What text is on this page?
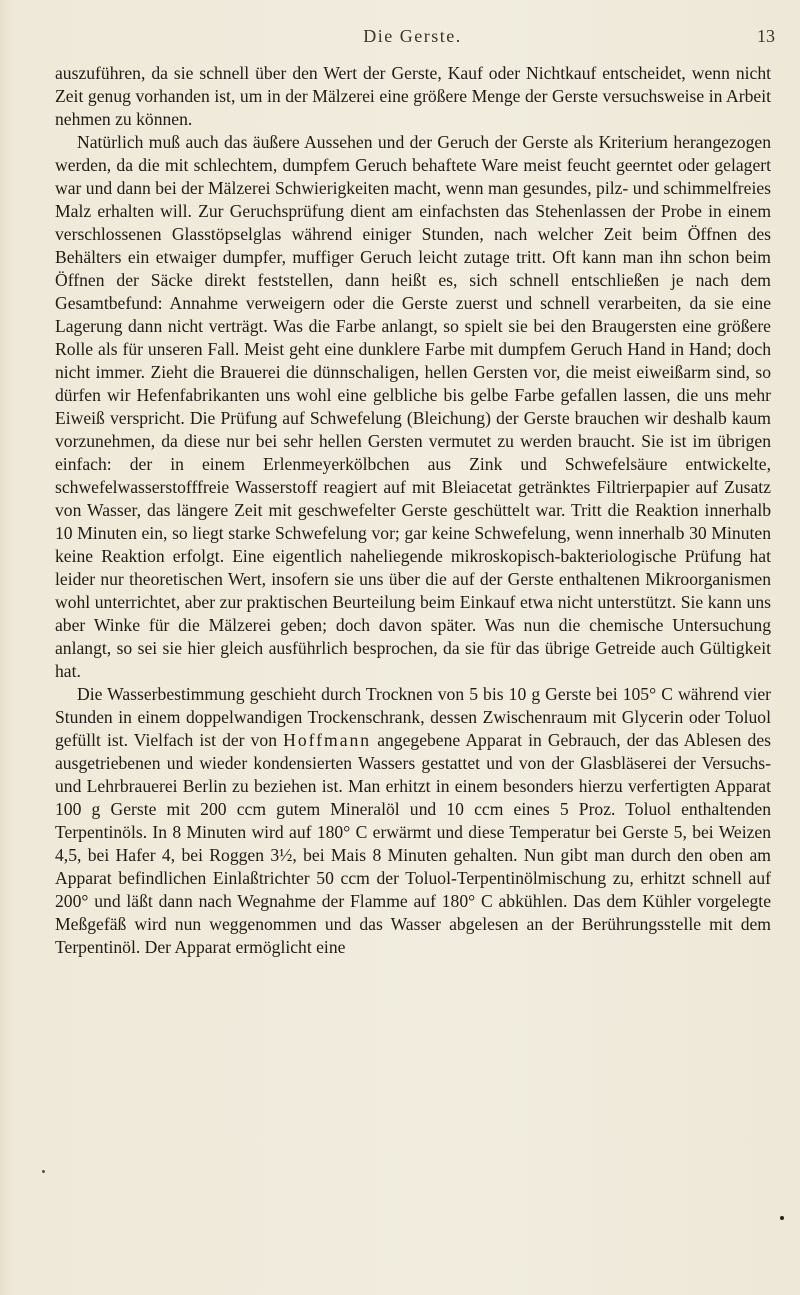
Die Gerste.	13

auszuführen, da sie schnell über den Wert der Gerste, Kauf oder Nichtkauf entscheidet, wenn nicht Zeit genug vorhanden ist, um in der Mälzerei eine größere Menge der Gerste versuchsweise in Arbeit nehmen zu können.

Natürlich muß auch das äußere Aussehen und der Geruch der Gerste als Kriterium herangezogen werden, da die mit schlechtem, dumpfem Geruch behaftete Ware meist feucht geerntet oder gelagert war und dann bei der Mälzerei Schwierigkeiten macht, wenn man gesundes, pilz- und schimmelfreies Malz erhalten will. Zur Geruchsprüfung dient am einfachsten das Stehenlassen der Probe in einem verschlossenen Glasstöpselglas während einiger Stunden, nach welcher Zeit beim Öffnen des Behälters ein etwaiger dumpfer, muffiger Geruch leicht zutage tritt. Oft kann man ihn schon beim Öffnen der Säcke direkt feststellen, dann heißt es, sich schnell entschließen je nach dem Gesamtbefund: Annahme verweigern oder die Gerste zuerst und schnell verarbeiten, da sie eine Lagerung dann nicht verträgt. Was die Farbe anlangt, so spielt sie bei den Braugersten eine größere Rolle als für unseren Fall. Meist geht eine dunklere Farbe mit dumpfem Geruch Hand in Hand; doch nicht immer. Zieht die Brauerei die dünnschaligen, hellen Gersten vor, die meist eiweißarm sind, so dürfen wir Hefenfabrikanten uns wohl eine gelbliche bis gelbe Farbe gefallen lassen, die uns mehr Eiweiß verspricht. Die Prüfung auf Schwefelung (Bleichung) der Gerste brauchen wir deshalb kaum vorzunehmen, da diese nur bei sehr hellen Gersten vermutet zu werden braucht. Sie ist im übrigen einfach: der in einem Erlenmeyerkölbchen aus Zink und Schwefelsäure entwickelte, schwefelwasserstofffreie Wasserstoff reagiert auf mit Bleiacetat getränktes Filtrierpapier auf Zusatz von Wasser, das längere Zeit mit geschwefelter Gerste geschüttelt war. Tritt die Reaktion innerhalb 10 Minuten ein, so liegt starke Schwefelung vor; gar keine Schwefelung, wenn innerhalb 30 Minuten keine Reaktion erfolgt. Eine eigentlich naheliegende mikroskopisch-bakteriologische Prüfung hat leider nur theoretischen Wert, insofern sie uns über die auf der Gerste enthaltenen Mikroorganismen wohl unterrichtet, aber zur praktischen Beurteilung beim Einkauf etwa nicht unterstützt. Sie kann uns aber Winke für die Mälzerei geben; doch davon später. Was nun die chemische Untersuchung anlangt, so sei sie hier gleich ausführlich besprochen, da sie für das übrige Getreide auch Gültigkeit hat.

Die Wasserbestimmung geschieht durch Trocknen von 5 bis 10 g Gerste bei 105° C während vier Stunden in einem doppelwandigen Trockenschrank, dessen Zwischenraum mit Glycerin oder Toluol gefüllt ist. Vielfach ist der von Hoffmann angegebene Apparat in Gebrauch, der das Ablesen des ausgetriebenen und wieder kondensierten Wassers gestattet und von der Glasbläserei der Versuchs- und Lehrbrauerei Berlin zu beziehen ist. Man erhitzt in einem besonders hierzu verfertigten Apparat 100 g Gerste mit 200 ccm gutem Mineralöl und 10 ccm eines 5 Proz. Toluol enthaltenden Terpentinöls. In 8 Minuten wird auf 180° C erwärmt und diese Temperatur bei Gerste 5, bei Weizen 4,5, bei Hafer 4, bei Roggen 3½, bei Mais 8 Minuten gehalten. Nun gibt man durch den oben am Apparat befindlichen Einlaßtrichter 50 ccm der Toluol-Terpentinölmischung zu, erhitzt schnell auf 200° und läßt dann nach Wegnahme der Flamme auf 180° C abkühlen. Das dem Kühler vorgelegte Meßgefäß wird nun weggenommen und das Wasser abgelesen an der Berührungsstelle mit dem Terpentinöl. Der Apparat ermöglicht eine
